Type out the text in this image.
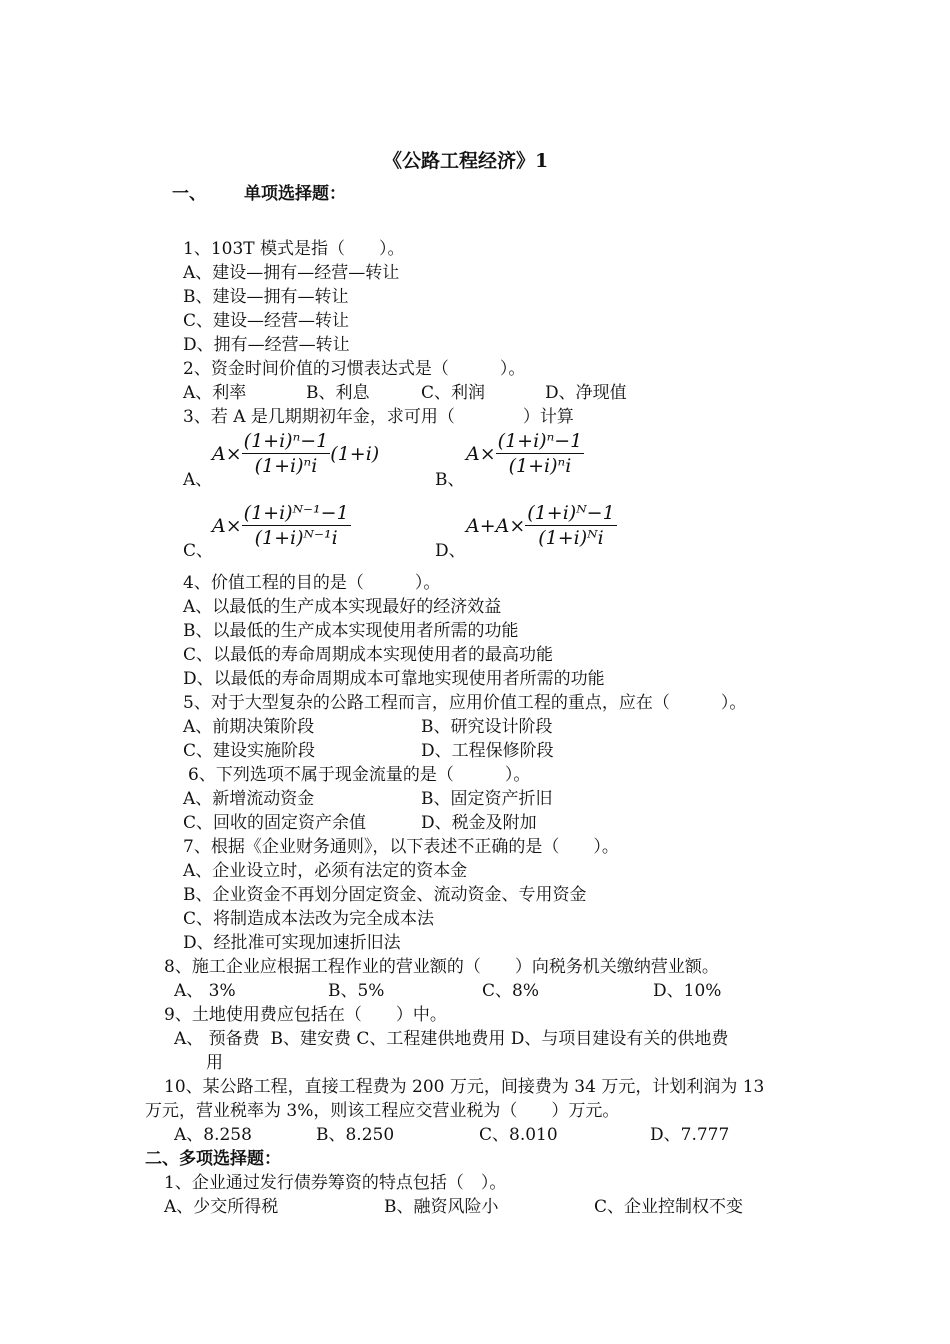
《公路工程经济》1
一、 单项选择题：
1、103T 模式是指（　　）。
A、建设—拥有—经营—转让
B、建设—拥有—转让
C、建设—经营—转让
D、拥有—经营—转让
2、资金时间价值的习惯表达式是（　　　）。
A、利率	B、利息	C、利润	D、净现值
3、若 A 是几期期初年金，求可用（　　　　）计算
$A\times \frac{\text{(1+i)ⁿ−1}}{\text{(1+i)ⁿi}} (1+i)$
A、
$A\times \frac{\text{(1+i)ⁿ−1}}{\text{(1+i)ⁿi}}$
B、
$A\times \frac{\text{(1+i)ᴺ⁻¹−1}}{\text{(1+i)ᴺ⁻¹i}}$
C、
$A+A\times \frac{\text{(1+i)ᴺ−1}}{\text{(1+i)ᴺi}}$
D、
4、价值工程的目的是（　　　）。
A、以最低的生产成本实现最好的经济效益
B、以最低的生产成本实现使用者所需的功能
C、以最低的寿命周期成本实现使用者的最高功能
D、以最低的寿命周期成本可靠地实现使用者所需的功能
5、对于大型复杂的公路工程而言，应用价值工程的重点，应在（　　　）。
A、前期决策阶段	B、研究设计阶段
C、建设实施阶段	D、工程保修阶段
6、下列选项不属于现金流量的是（　　　）。
A、新增流动资金	B、固定资产折旧
C、回收的固定资产余值	D、税金及附加
7、根据《企业财务通则》，以下表述不正确的是（　　）。
A、企业设立时，必须有法定的资本金
B、企业资金不再划分固定资金、流动资金、专用资金
C、将制造成本法改为完全成本法
D、经批准可实现加速折旧法
8、施工企业应根据工程作业的营业额的（　　）向税务机关缴纳营业额。
A、 3%	B、5%	C、8%	D、10%
9、土地使用费应包括在（　　）中。
A、 预备费  B、建安费 C、工程建供地费用 D、与项目建设有关的供地费
用
10、某公路工程，直接工程费为 200 万元，间接费为 34 万元，计划利润为 13
万元，营业税率为 3%，则该工程应交营业税为（　　）万元。
A、8.258	B、8.250	C、8.010	D、7.777
二、多项选择题：
1、企业通过发行债券筹资的特点包括（　）。
A、少交所得税	B、融资风险小	C、企业控制权不变
